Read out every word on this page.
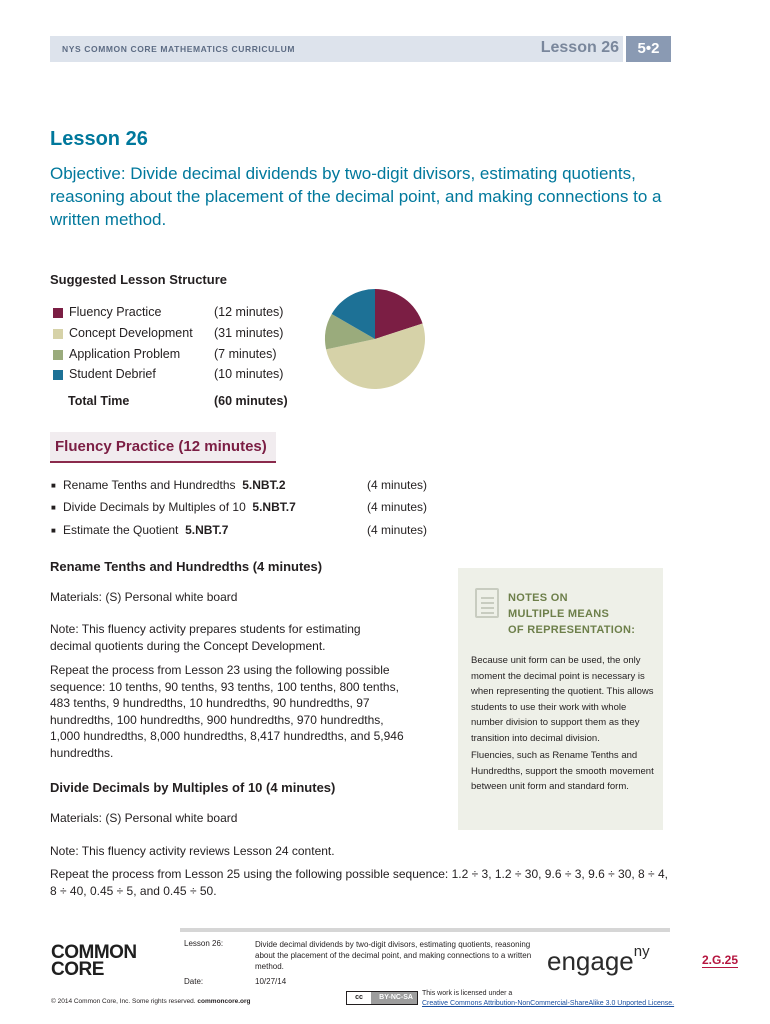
NYS COMMON CORE MATHEMATICS CURRICULUM	Lesson 26	5•2
Lesson 26
Objective: Divide decimal dividends by two-digit divisors, estimating quotients, reasoning about the placement of the decimal point, and making connections to a written method.
Suggested Lesson Structure
Fluency Practice	(12 minutes)
Concept Development (31 minutes)
Application Problem	(7 minutes)
Student Debrief	(10 minutes)
Total Time	(60 minutes)
Fluency Practice (12 minutes)
■ Rename Tenths and Hundredths 5.NBT.2	(4 minutes)
■ Divide Decimals by Multiples of 10 5.NBT.7	(4 minutes)
■ Estimate the Quotient 5.NBT.7	(4 minutes)
Rename Tenths and Hundredths (4 minutes)
Materials: (S) Personal white board
Note: This fluency activity prepares students for estimating decimal quotients during the Concept Development.
Repeat the process from Lesson 23 using the following possible sequence: 10 tenths, 90 tenths, 93 tenths, 100 tenths, 800 tenths, 483 tenths, 9 hundredths, 10 hundredths, 90 hundredths, 97 hundredths, 100 hundredths, 900 hundredths, 970 hundredths, 1,000 hundredths, 8,000 hundredths, 8,417 hundredths, and 5,946 hundredths.
NOTES ON
MULTIPLE MEANS
OF REPRESENTATION:
Because unit form can be used, the only moment the decimal point is necessary is when representing the quotient. This allows students to use their work with whole number division to support them as they transition into decimal division.
Fluencies, such as Rename Tenths and Hundredths, support the smooth movement between unit form and standard form.
Divide Decimals by Multiples of 10 (4 minutes)
Materials: (S) Personal white board
Note: This fluency activity reviews Lesson 24 content.
Repeat the process from Lesson 25 using the following possible sequence: 1.2 ÷ 3, 1.2 ÷ 30, 9.6 ÷ 3, 9.6 ÷ 30, 8 ÷ 4, 8 ÷ 40, 0.45 ÷ 5, and 0.45 ÷ 50.
COMMON
CORE
Lesson 26:	Divide decimal dividends by two-digit divisors, estimating quotients, reasoning about the placement of the decimal point, and making connections to a written method.
Date:	10/27/14
© 2014 Common Core, Inc. Some rights reserved. commoncore.org
engage$^{ny}$	2.G.25
cc	BY-NC-SA
This work is licensed under a
Creative Commons Attribution-NonCommercial-ShareAlike 3.0 Unported License.
